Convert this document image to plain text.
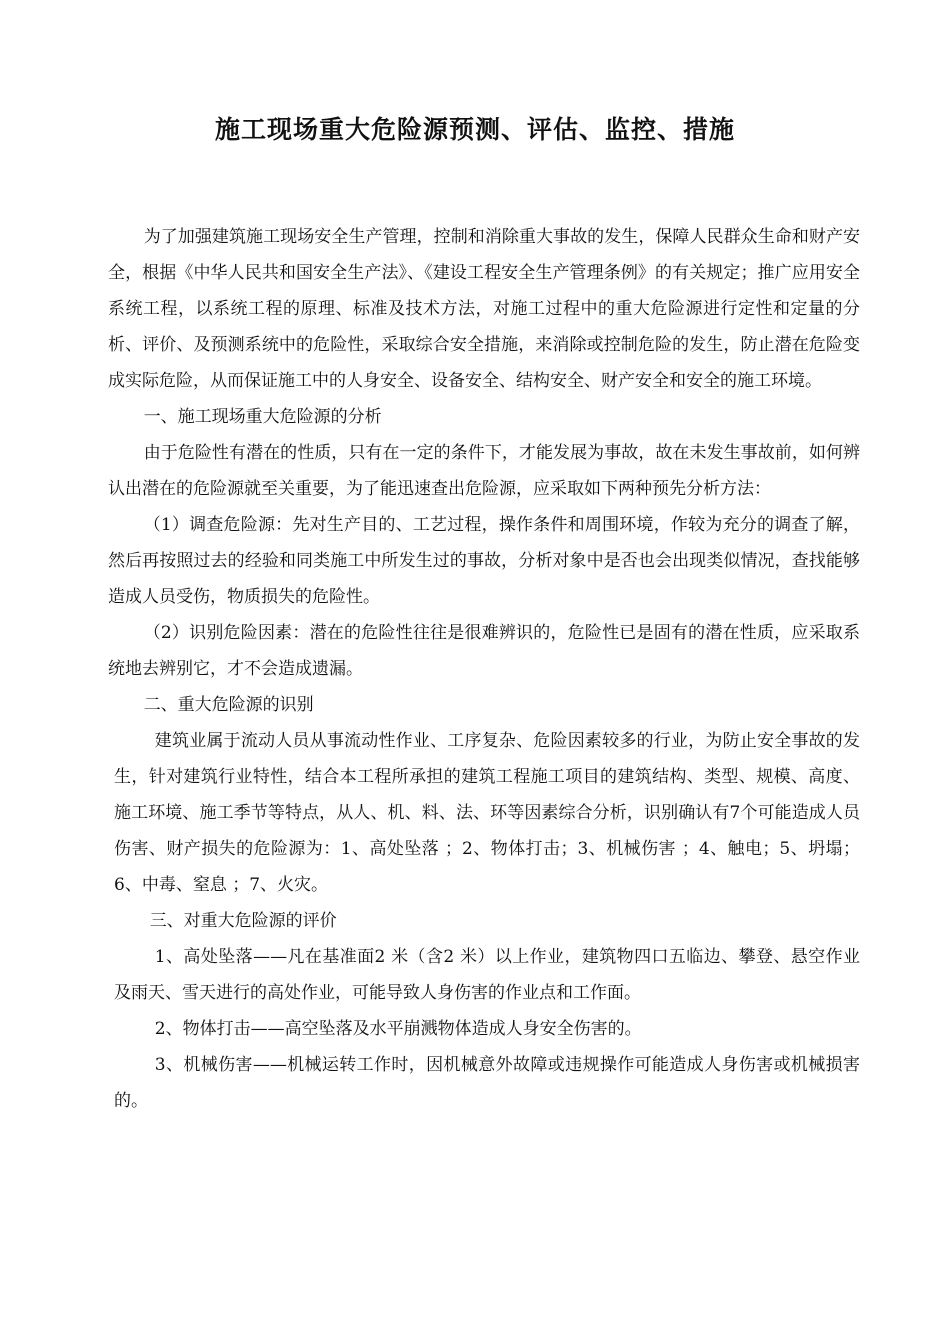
施工现场重大危险源预测、评估、监控、措施

为了加强建筑施工现场安全生产管理，控制和消除重大事故的发生，保障人民群众生命和财产安全，根据《中华人民共和国安全生产法》、《建设工程安全生产管理条例》的有关规定；推广应用安全系统工程，以系统工程的原理、标准及技术方法，对施工过程中的重大危险源进行定性和定量的分析、评价、及预测系统中的危险性，采取综合安全措施，来消除或控制危险的发生，防止潜在危险变成实际危险，从而保证施工中的人身安全、设备安全、结构安全、财产安全和安全的施工环境。

一、施工现场重大危险源的分析

由于危险性有潜在的性质，只有在一定的条件下，才能发展为事故，故在未发生事故前，如何辨认出潜在的危险源就至关重要，为了能迅速查出危险源，应采取如下两种预先分析方法：

（1）调查危险源：先对生产目的、工艺过程，操作条件和周围环境，作较为充分的调查了解，然后再按照过去的经验和同类施工中所发生过的事故，分析对象中是否也会出现类似情况，查找能够造成人员受伤，物质损失的危险性。

（2）识别危险因素：潜在的危险性往往是很难辨识的，危险性已是固有的潜在性质，应采取系统地去辨别它，才不会造成遗漏。

二、重大危险源的识别

建筑业属于流动人员从事流动性作业、工序复杂、危险因素较多的行业，为防止安全事故的发生，针对建筑行业特性，结合本工程所承担的建筑工程施工项目的建筑结构、类型、规模、高度、施工环境、施工季节等特点，从人、机、料、法、环等因素综合分析，识别确认有7个可能造成人员伤害、财产损失的危险源为：1、高处坠落 ；2、物体打击；3、机械伤害 ；4、触电；5、坍塌； 6、中毒、窒息 ；7、火灾。

三、对重大危险源的评价

1、高处坠落——凡在基准面2 米（含2 米）以上作业，建筑物四口五临边、攀登、悬空作业及雨天、雪天进行的高处作业，可能导致人身伤害的作业点和工作面。

2、物体打击——高空坠落及水平崩溅物体造成人身安全伤害的。

3、机械伤害——机械运转工作时，因机械意外故障或违规操作可能造成人身伤害或机械损害的。
